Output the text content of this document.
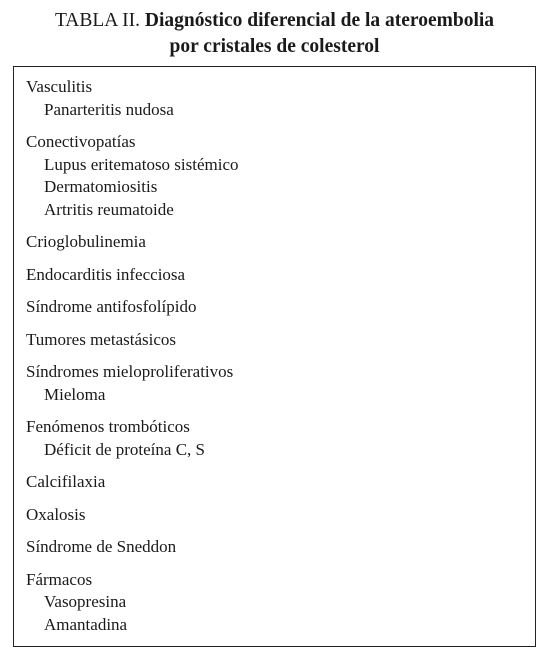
TABLA II. Diagnóstico diferencial de la ateroembolia
por cristales de colesterol
Vasculitis
Panarteritis nudosa
Conectivopatías
Lupus eritematoso sistémico
Dermatomiositis
Artritis reumatoide
Crioglobulinemia
Endocarditis infecciosa
Síndrome antifosfolípido
Tumores metastásicos
Síndromes mieloproliferativos
Mieloma
Fenómenos trombóticos
Déficit de proteína C, S
Calcifilaxia
Oxalosis
Síndrome de Sneddon
Fármacos
Vasopresina
Amantadina
